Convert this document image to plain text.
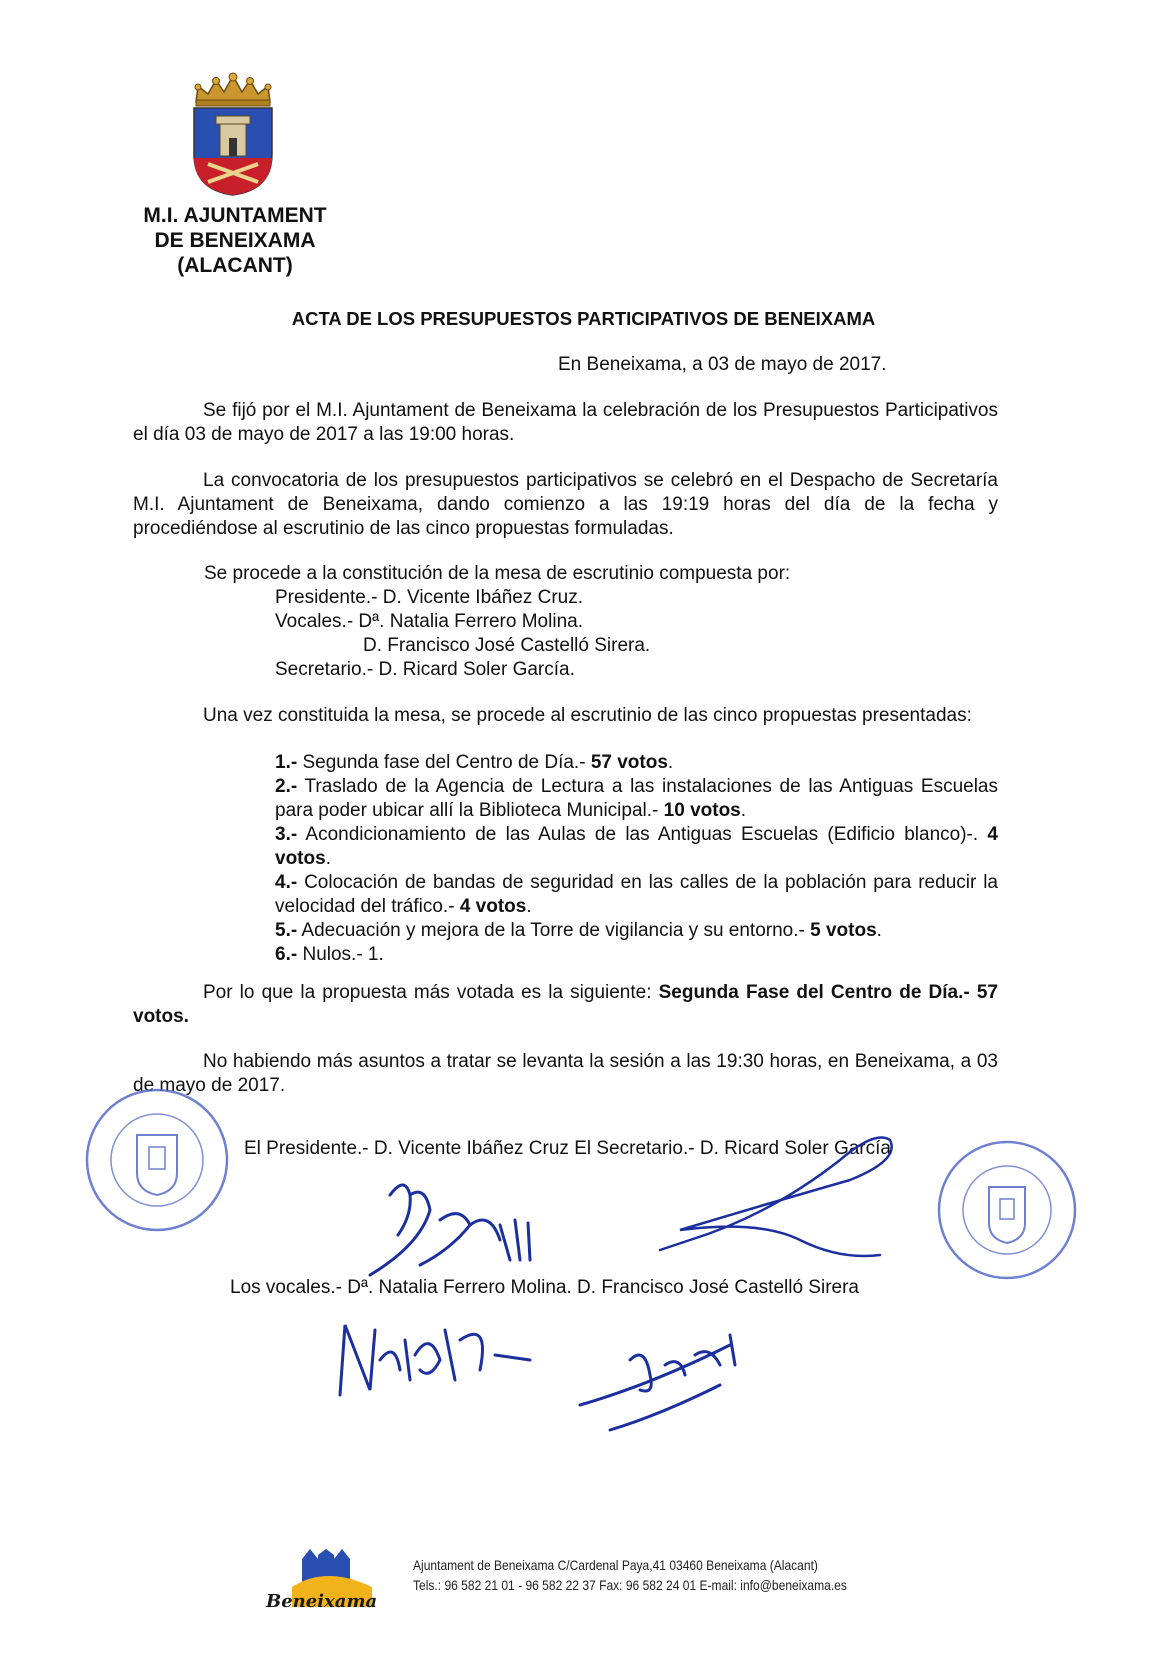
M.I. AJUNTAMENT
DE BENEIXAMA
(ALACANT)
ACTA DE LOS PRESUPUESTOS PARTICIPATIVOS DE BENEIXAMA
En Beneixama, a 03 de mayo de 2017.
Se fijó por el M.I. Ajuntament de Beneixama la celebración de los Presupuestos Participativos el día 03 de mayo de 2017 a las 19:00 horas.
La convocatoria de los presupuestos participativos se celebró en el Despacho de Secretaría M.I. Ajuntament de Beneixama, dando comienzo a las 19:19 horas del día de la fecha y procediéndose al escrutinio de las cinco propuestas formuladas.
Se procede a la constitución de la mesa de escrutinio compuesta por:
Presidente.- D. Vicente Ibáñez Cruz.
Vocales.- Dª. Natalia Ferrero Molina.
D. Francisco José Castelló Sirera.
Secretario.- D. Ricard Soler García.
Una vez constituida la mesa, se procede al escrutinio de las cinco propuestas presentadas:
1.- Segunda fase del Centro de Día.- 57 votos.
2.- Traslado de la Agencia de Lectura a las instalaciones de las Antiguas Escuelas para poder ubicar allí la Biblioteca Municipal.- 10 votos.
3.- Acondicionamiento de las Aulas de las Antiguas Escuelas (Edificio blanco)-. 4 votos.
4.- Colocación de bandas de seguridad en las calles de la población para reducir la velocidad del tráfico.- 4 votos.
5.- Adecuación y mejora de la Torre de vigilancia y su entorno.- 5 votos.
6.- Nulos.- 1.
Por lo que la propuesta más votada es la siguiente: Segunda Fase del Centro de Día.- 57 votos.
No habiendo más asuntos a tratar se levanta la sesión a las 19:30 horas, en Beneixama, a 03 de mayo de 2017.
El Presidente.- D. Vicente Ibáñez Cruz El Secretario.- D. Ricard Soler García
Los vocales.- Dª. Natalia Ferrero Molina. D. Francisco José Castelló Sirera
Beneixama
Ajuntament de Beneixama C/Cardenal Paya,41 03460 Beneixama (Alacant)
Tels.: 96 582 21 01 - 96 582 22 37 Fax: 96 582 24 01 E-mail: info@beneixama.es
